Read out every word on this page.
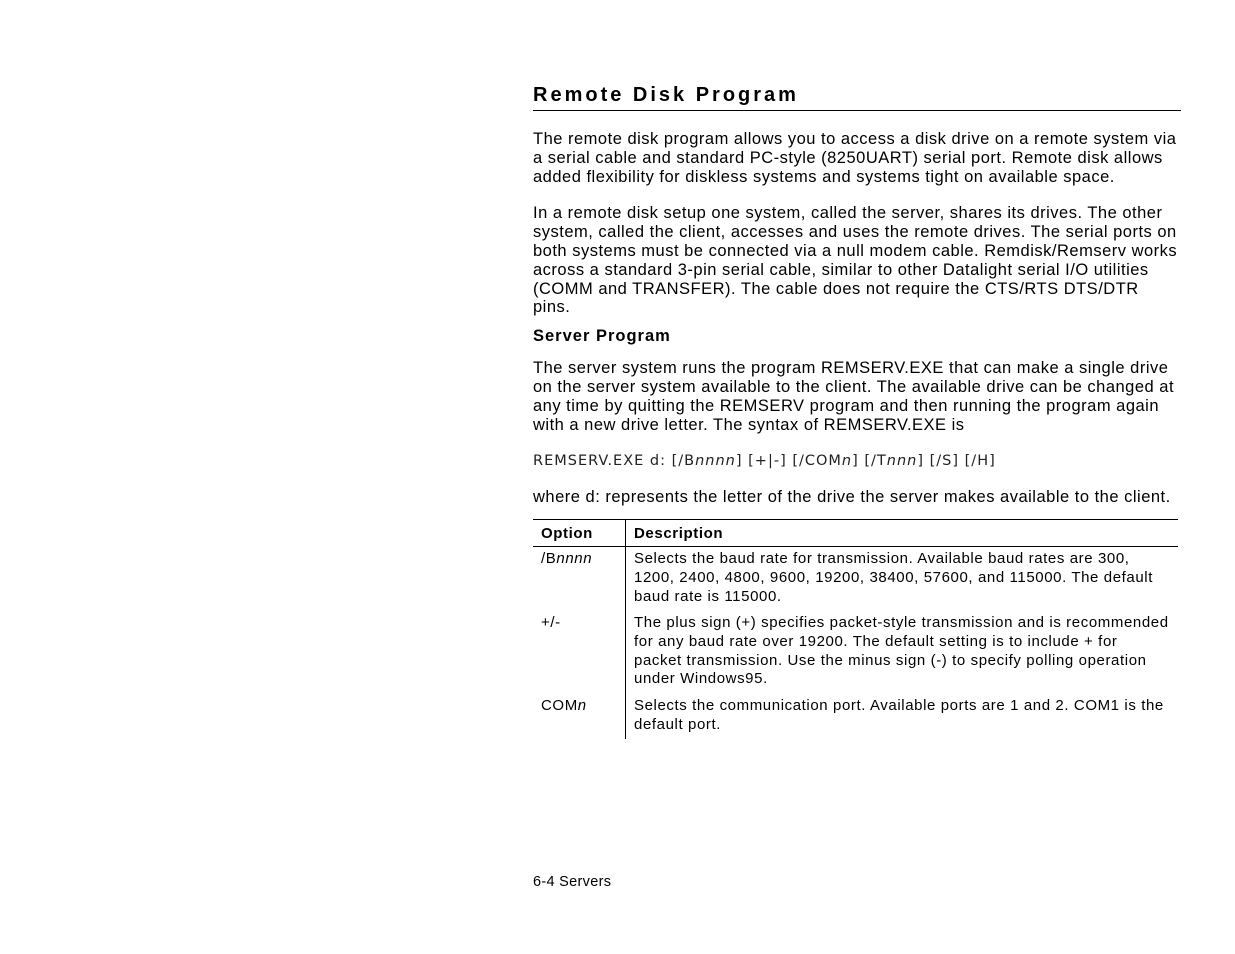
Remote Disk Program

The remote disk program allows you to access a disk drive on a remote system via a serial cable and standard PC-style (8250UART) serial port. Remote disk allows added flexibility for diskless systems and systems tight on available space.

In a remote disk setup one system, called the server, shares its drives. The other system, called the client, accesses and uses the remote drives. The serial ports on both systems must be connected via a null modem cable. Remdisk/Remserv works across a standard 3-pin serial cable, similar to other Datalight serial I/O utilities (COMM and TRANSFER). The cable does not require the CTS/RTS DTS/DTR pins.

Server Program

The server system runs the program REMSERV.EXE that can make a single drive on the server system available to the client. The available drive can be changed at any time by quitting the REMSERV program and then running the program again with a new drive letter. The syntax of REMSERV.EXE is

REMSERV.EXE d: [/Bnnnn] [+|-] [/COMn] [/Tnnn] [/S] [/H]

where d: represents the letter of the drive the server makes available to the client.

Option	Description
/Bnnnn	Selects the baud rate for transmission. Available baud rates are 300, 1200, 2400, 4800, 9600, 19200, 38400, 57600, and 115000. The default baud rate is 115000.
+/-	The plus sign (+) specifies packet-style transmission and is recommended for any baud rate over 19200. The default setting is to include + for packet transmission. Use the minus sign (-) to specify polling operation under Windows95.
COMn	Selects the communication port. Available ports are 1 and 2. COM1 is the default port.

6-4 Servers
